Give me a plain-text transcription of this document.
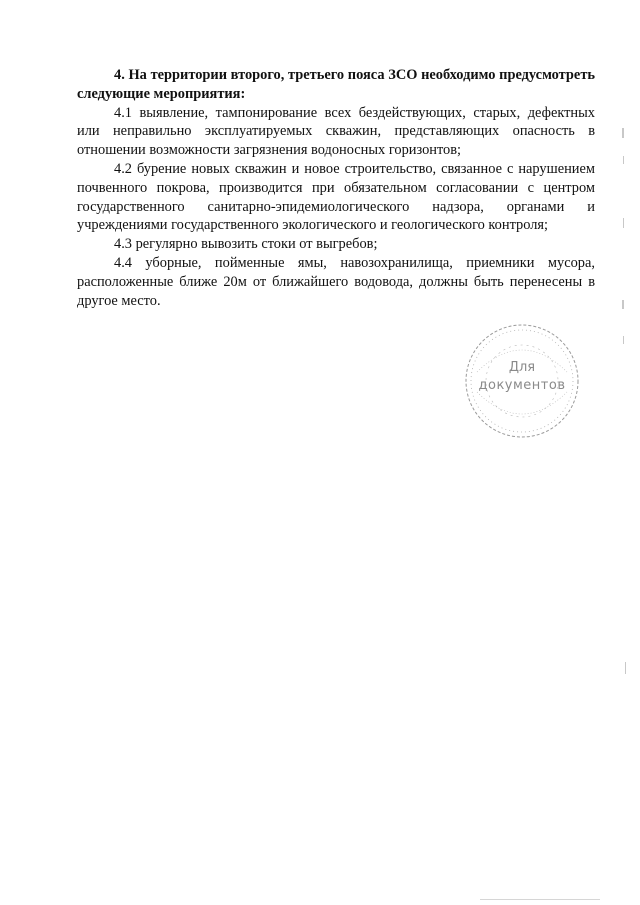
4. На территории второго, третьего пояса ЗСО необходимо предусмотреть следующие мероприятия:

4.1 выявление, тампонирование всех бездействующих, старых, дефектных или неправильно эксплуатируемых скважин, представляющих опасность в отношении возможности загрязнения водоносных горизонтов;

4.2 бурение новых скважин и новое строительство, связанное с нарушением почвенного покрова, производится при обязательном согласовании с центром государственного санитарно-эпидемиологического надзора, органами и учреждениями государственного экологического и геологического контроля;

4.3 регулярно вывозить стоки от выгребов;

4.4 уборные, пойменные ямы, навозохранилища, приемники мусора, расположенные ближе 20м от ближайшего водовода, должны быть перенесены в другое место.

Для
документов
